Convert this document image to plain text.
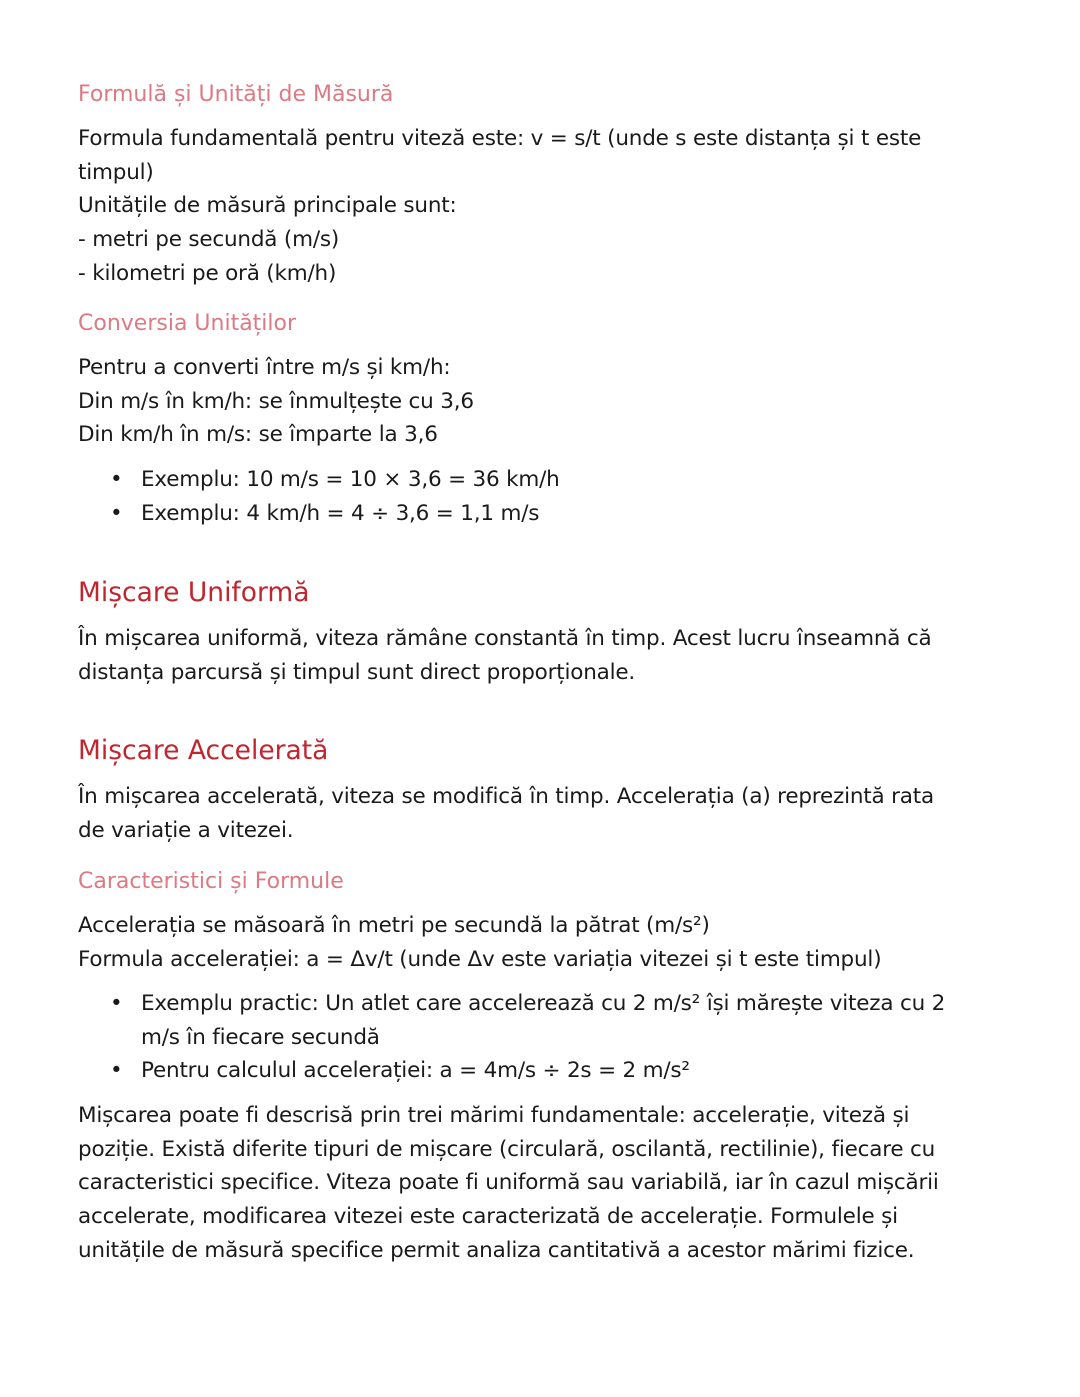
Formulă și Unități de Măsură
Formula fundamentală pentru viteză este: v = s/t (unde s este distanța și t este
timpul)
Unitățile de măsură principale sunt:
- metri pe secundă (m/s)
- kilometri pe oră (km/h)
Conversia Unităților
Pentru a converti între m/s și km/h:
Din m/s în km/h: se înmulțește cu 3,6
Din km/h în m/s: se împarte la 3,6
• Exemplu: 10 m/s = 10 × 3,6 = 36 km/h
• Exemplu: 4 km/h = 4 ÷ 3,6 = 1,1 m/s
Mișcare Uniformă
În mișcarea uniformă, viteza rămâne constantă în timp. Acest lucru înseamnă că
distanța parcursă și timpul sunt direct proporționale.
Mișcare Accelerată
În mișcarea accelerată, viteza se modifică în timp. Accelerația (a) reprezintă rata
de variație a vitezei.
Caracteristici și Formule
Accelerația se măsoară în metri pe secundă la pătrat (m/s²)
Formula accelerației: a = Δv/t (unde Δv este variația vitezei și t este timpul)
• Exemplu practic: Un atlet care accelerează cu 2 m/s² își mărește viteza cu 2
m/s în fiecare secundă
• Pentru calculul accelerației: a = 4m/s ÷ 2s = 2 m/s²
Mișcarea poate fi descrisă prin trei mărimi fundamentale: accelerație, viteză și
poziție. Există diferite tipuri de mișcare (circulară, oscilantă, rectilinie), fiecare cu
caracteristici specifice. Viteza poate fi uniformă sau variabilă, iar în cazul mișcării
accelerate, modificarea vitezei este caracterizată de accelerație. Formulele și
unitățile de măsură specifice permit analiza cantitativă a acestor mărimi fizice.
